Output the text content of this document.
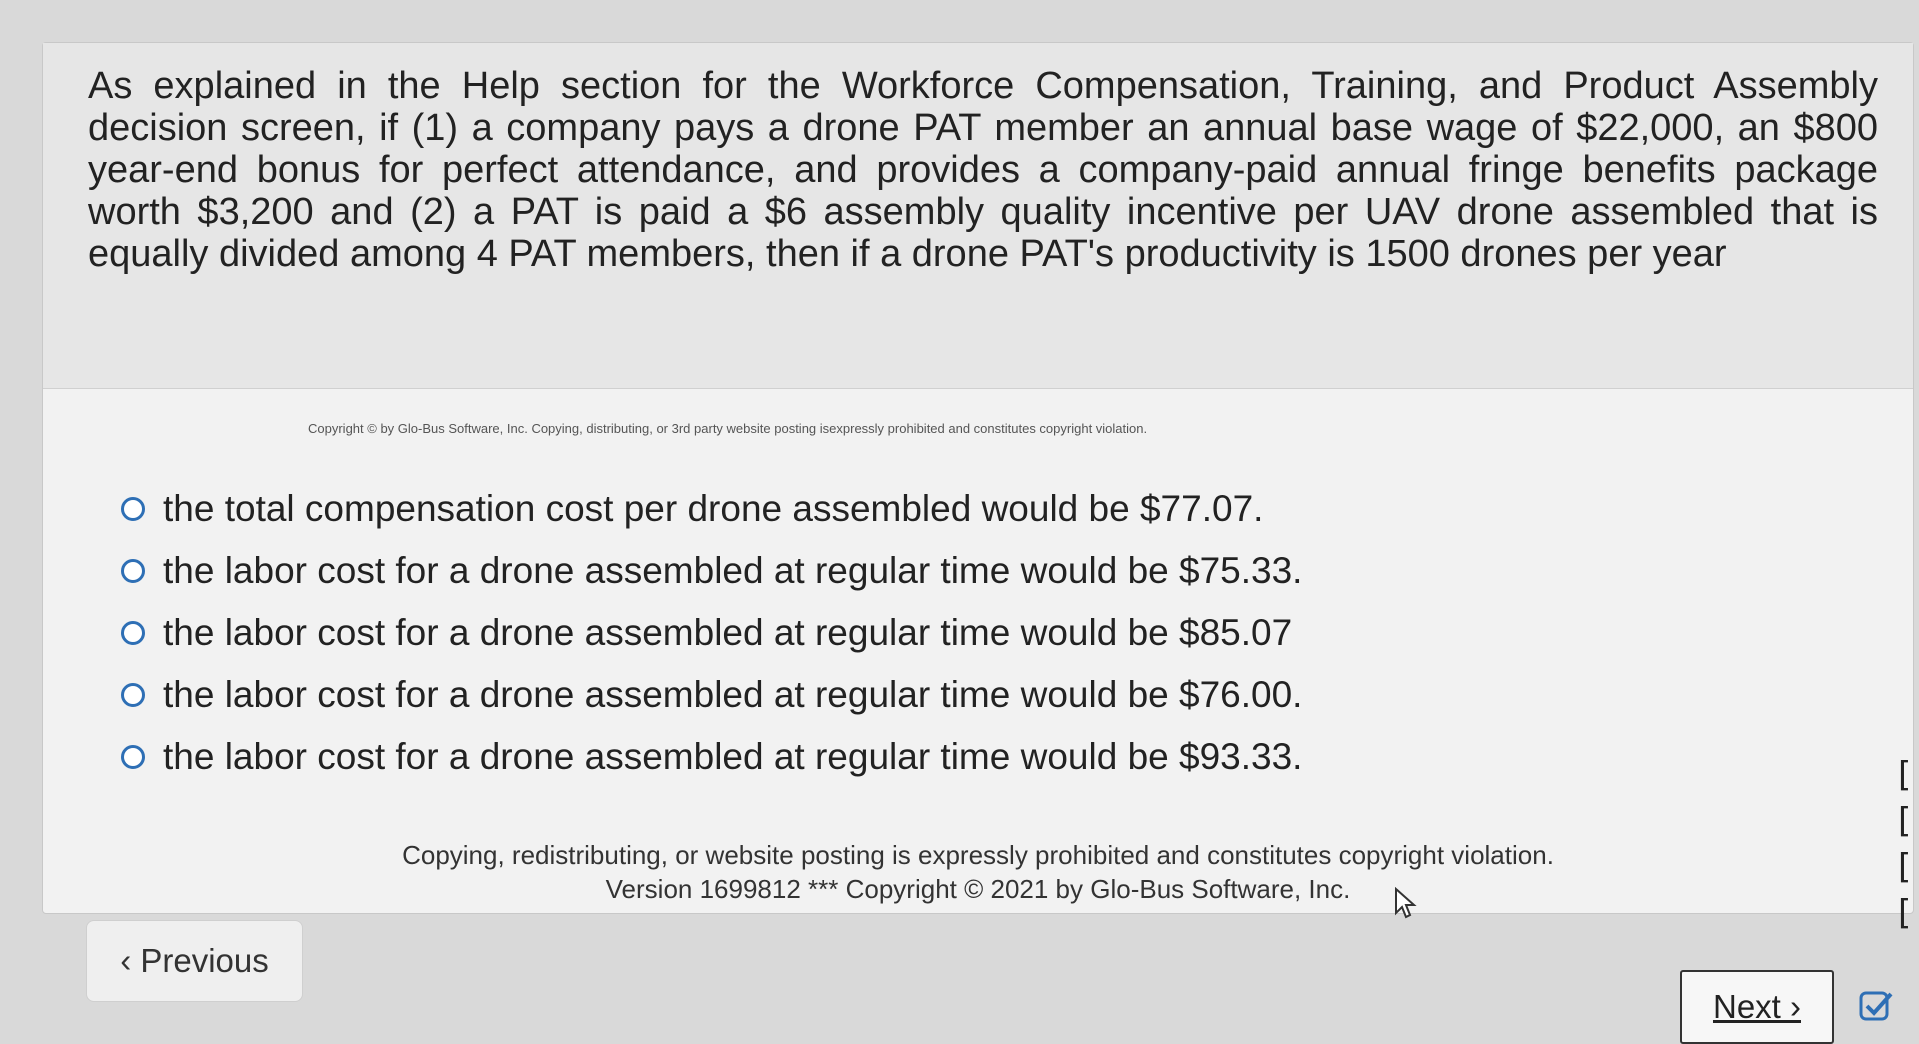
As explained in the Help section for the Workforce Compensation, Training, and Product Assembly decision screen, if (1) a company pays a drone PAT member an annual base wage of $22,000, an $800 year-end bonus for perfect attendance, and provides a company-paid annual fringe benefits package worth $3,200 and (2) a PAT is paid a $6 assembly quality incentive per UAV drone assembled that is equally divided among 4 PAT members, then if a drone PAT's productivity is 1500 drones per year
Copyright © by Glo-Bus Software, Inc. Copying, distributing, or 3rd party website posting isexpressly prohibited and constitutes copyright violation.
the total compensation cost per drone assembled would be $77.07.
the labor cost for a drone assembled at regular time would be $75.33.
the labor cost for a drone assembled at regular time would be $85.07
the labor cost for a drone assembled at regular time would be $76.00.
the labor cost for a drone assembled at regular time would be $93.33.
Copying, redistributing, or website posting is expressly prohibited and constitutes copyright violation.
Version 1699812 *** Copyright © 2021 by Glo-Bus Software, Inc.
‹ Previous
Next ›
[
[
[
[
